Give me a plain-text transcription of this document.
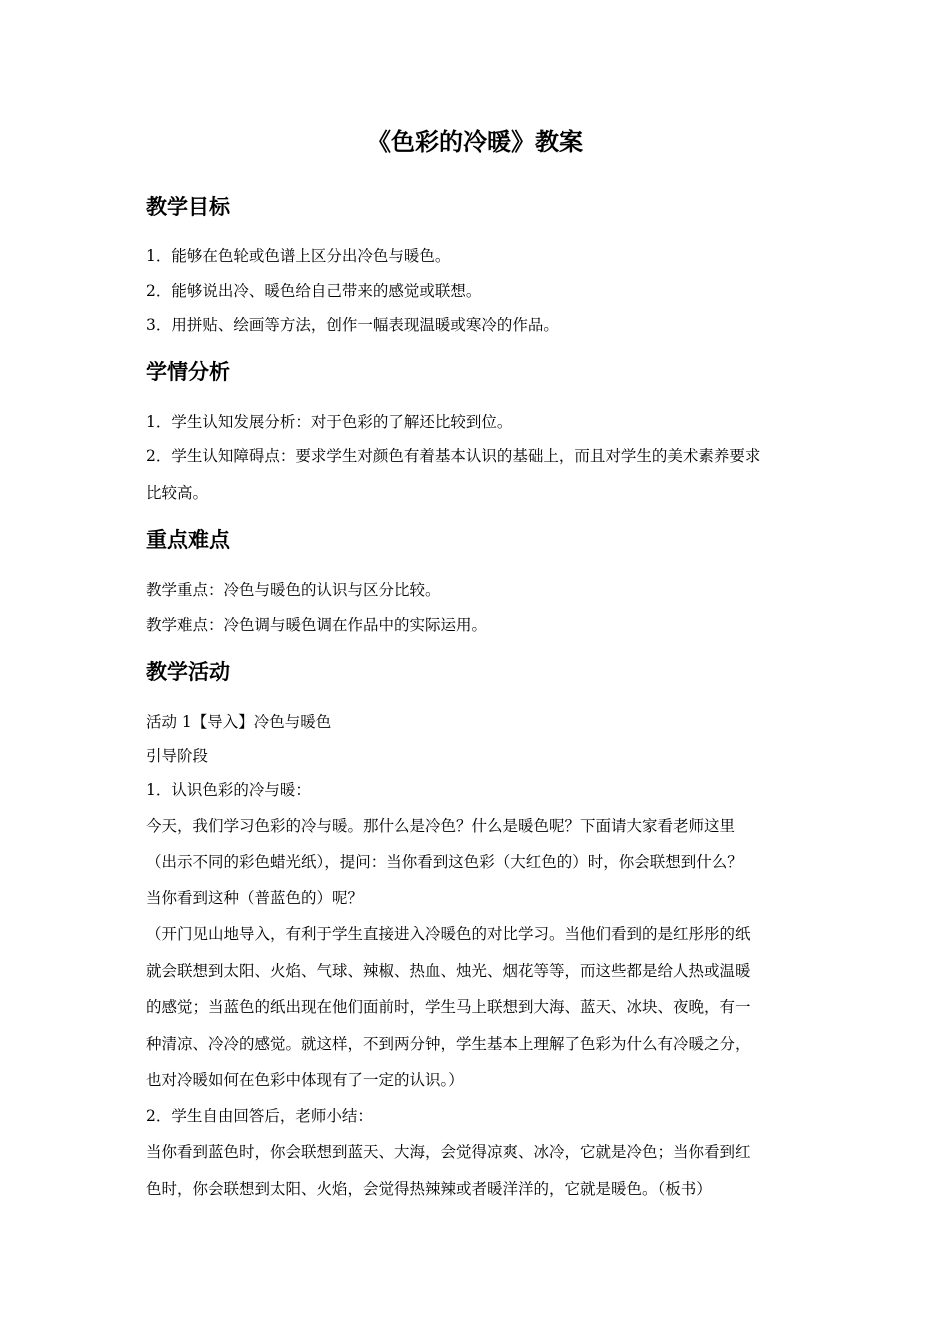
《色彩的冷暖》教案
教学目标

1．能够在色轮或色谱上区分出冷色与暖色。

2．能够说出冷、暖色给自己带来的感觉或联想。

3．用拼贴、绘画等方法，创作一幅表现温暖或寒冷的作品。

学情分析

1．学生认知发展分析：对于色彩的了解还比较到位。

2．学生认知障碍点：要求学生对颜色有着基本认识的基础上，而且对学生的美术素养要求

比较高。

重点难点

教学重点：冷色与暖色的认识与区分比较。

教学难点：冷色调与暖色调在作品中的实际运用。

教学活动

活动 1【导入】冷色与暖色

引导阶段

1．认识色彩的冷与暖：

今天，我们学习色彩的冷与暖。那什么是冷色？什么是暖色呢？下面请大家看老师这里

（出示不同的彩色蜡光纸），提问：当你看到这色彩（大红色的）时，你会联想到什么？

当你看到这种（普蓝色的）呢？

（开门见山地导入，有利于学生直接进入冷暖色的对比学习。当他们看到的是红彤彤的纸

就会联想到太阳、火焰、气球、辣椒、热血、烛光、烟花等等，而这些都是给人热或温暖

的感觉；当蓝色的纸出现在他们面前时，学生马上联想到大海、蓝天、冰块、夜晚，有一

种清凉、冷冷的感觉。就这样，不到两分钟，学生基本上理解了色彩为什么有冷暖之分，

也对冷暖如何在色彩中体现有了一定的认识。）

2．学生自由回答后，老师小结：

当你看到蓝色时，你会联想到蓝天、大海，会觉得凉爽、冰冷，它就是冷色；当你看到红

色时，你会联想到太阳、火焰，会觉得热辣辣或者暖洋洋的，它就是暖色。（板书）
